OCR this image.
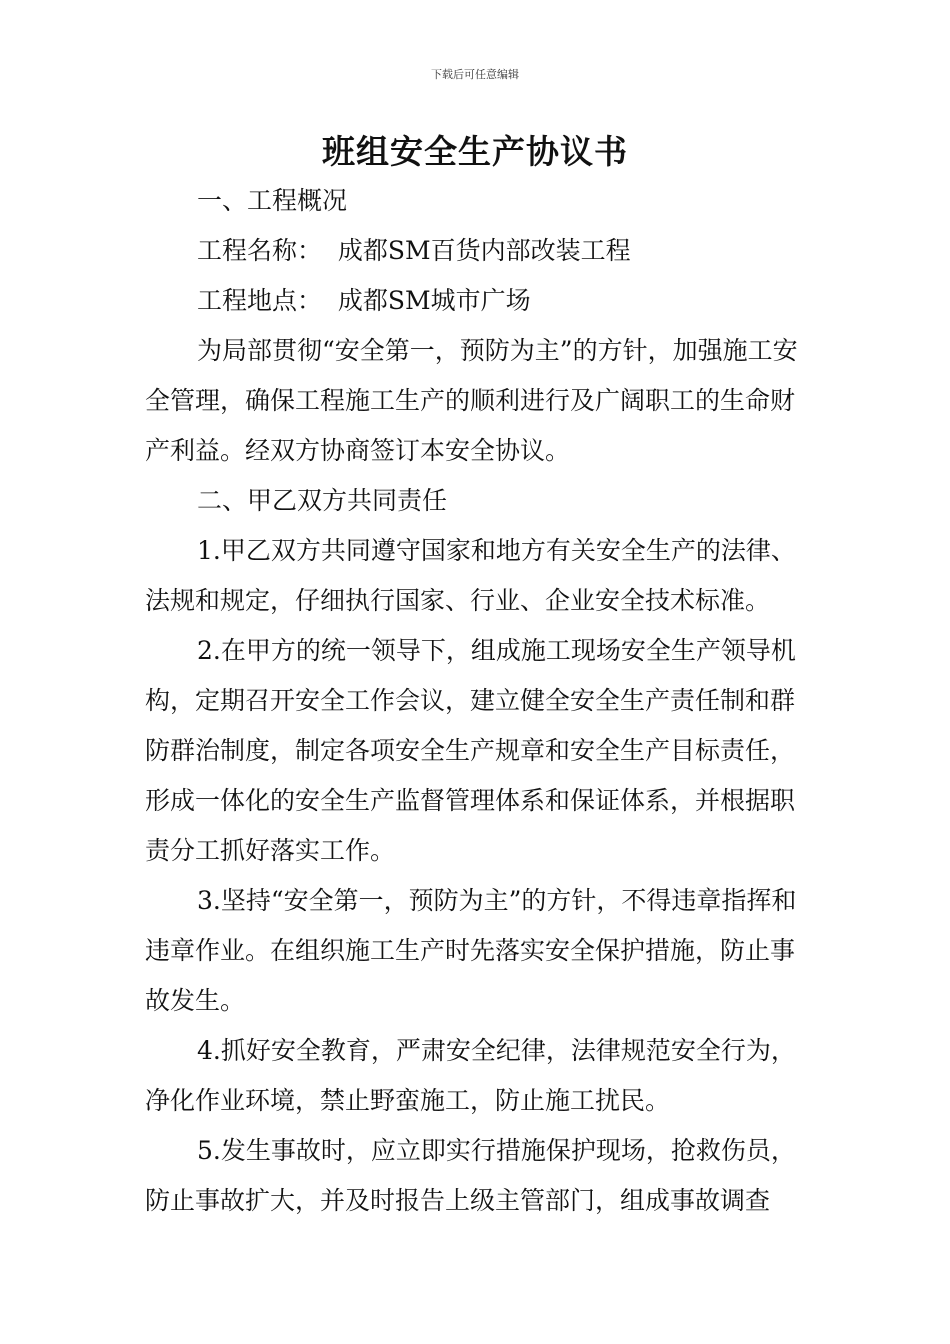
下载后可任意编辑
班组安全生产协议书

一、工程概况

工程名称：  成都SM百货内部改装工程

工程地点：  成都SM城市广场

为局部贯彻“安全第一，预防为主”的方针，加强施工安全管理，确保工程施工生产的顺利进行及广阔职工的生命财产利益。经双方协商签订本安全协议。

二、甲乙双方共同责任

1.甲乙双方共同遵守国家和地方有关安全生产的法律、法规和规定，仔细执行国家、行业、企业安全技术标准。

2.在甲方的统一领导下，组成施工现场安全生产领导机构，定期召开安全工作会议，建立健全安全生产责任制和群防群治制度，制定各项安全生产规章和安全生产目标责任，形成一体化的安全生产监督管理体系和保证体系，并根据职责分工抓好落实工作。

3.坚持“安全第一，预防为主”的方针，不得违章指挥和违章作业。在组织施工生产时先落实安全保护措施，防止事故发生。

4.抓好安全教育，严肃安全纪律，法律规范安全行为，净化作业环境，禁止野蛮施工，防止施工扰民。

5.发生事故时，应立即实行措施保护现场，抢救伤员，防止事故扩大，并及时报告上级主管部门，组成事故调查
